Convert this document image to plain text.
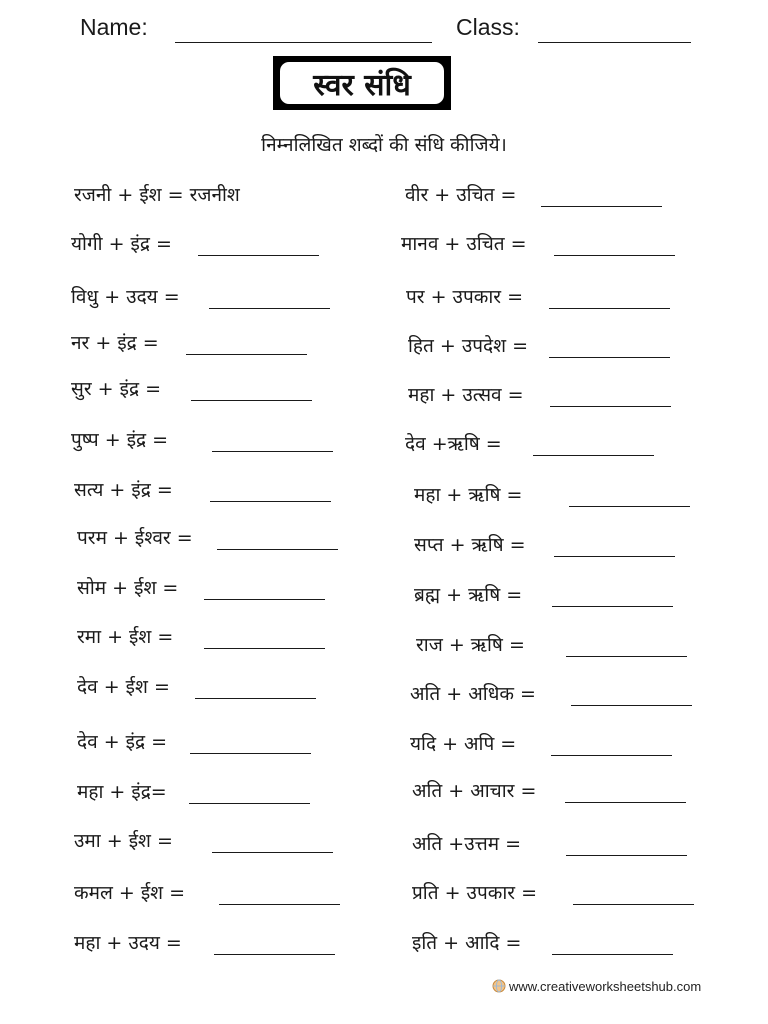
Name:	Class:
स्वर संधि
निम्नलिखित शब्दों की संधि कीजिये।
रजनी + ईश = रजनीश
योगी + इंद्र =
विधु + उदय =
नर + इंद्र =
सुर + इंद्र =
पुष्प + इंद्र =
सत्य + इंद्र =
परम + ईश्वर =
सोम + ईश =
रमा + ईश =
देव + ईश =
देव + इंद्र =
महा + इंद्र=
उमा + ईश =
कमल + ईश =
महा + उदय =
वीर + उचित =
मानव + उचित =
पर + उपकार =
हित + उपदेश =
महा + उत्सव =
देव +ऋषि =
महा + ऋषि =
सप्त + ऋषि =
ब्रह्म + ऋषि =
राज + ऋषि =
अति + अधिक =
यदि + अपि =
अति + आचार =
अति +उत्तम =
प्रति + उपकार =
इति + आदि =
www.creativeworksheetshub.com
